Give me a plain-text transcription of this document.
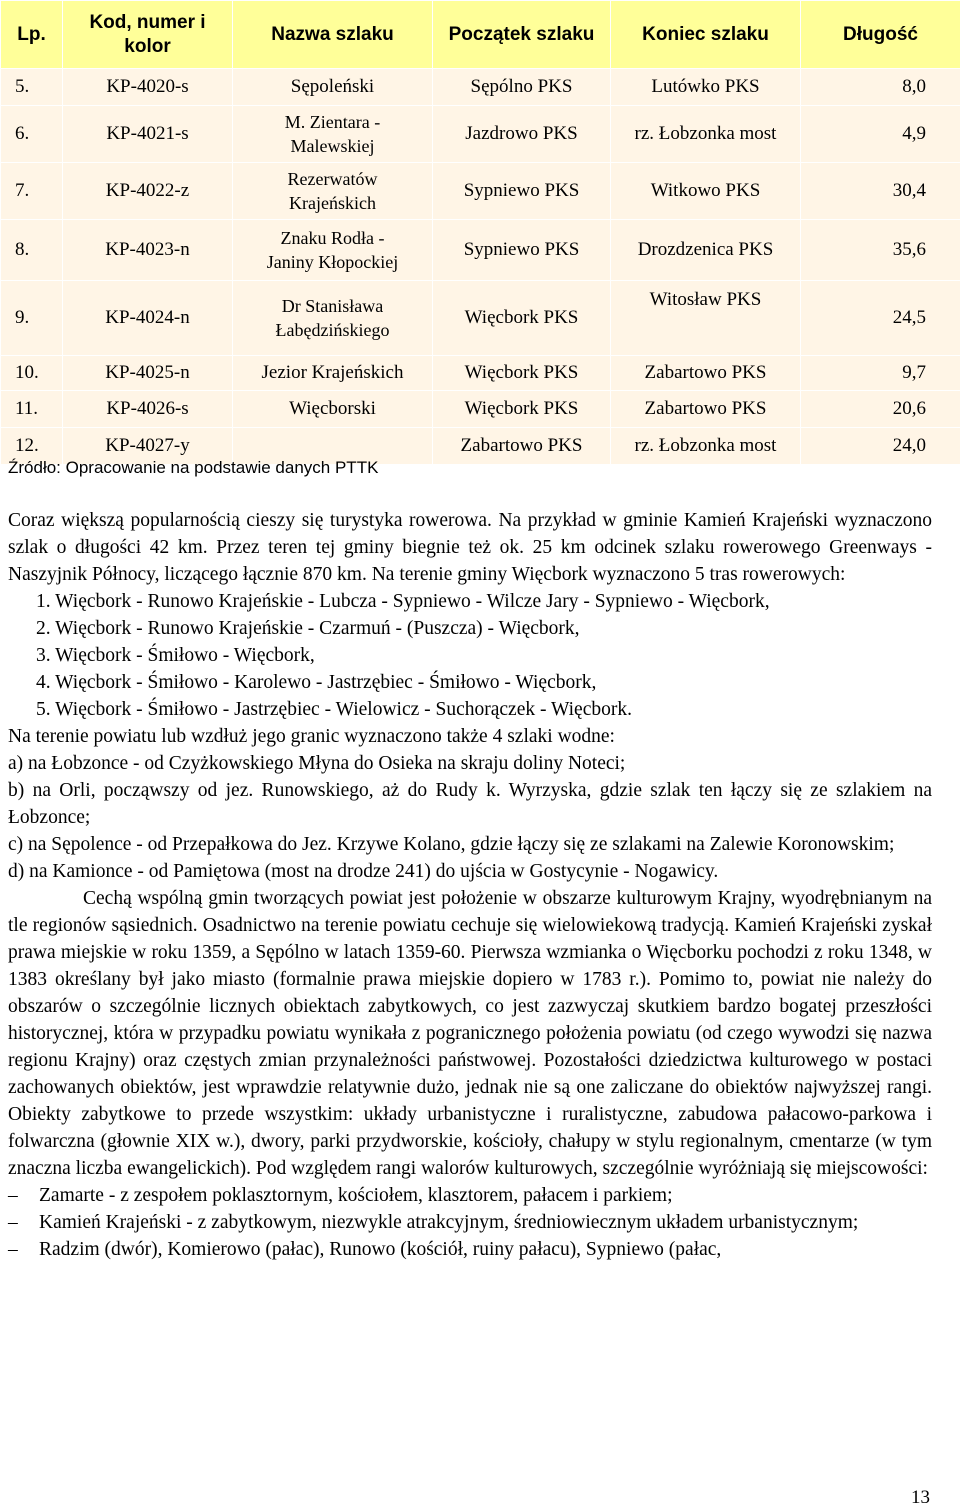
Lp.	Kod, numer i kolor	Nazwa szlaku	Początek szlaku	Koniec szlaku	Długość
5.	KP-4020-s	Sępoleński	Sępólno PKS	Lutówko PKS	8,0
6.	KP-4021-s	M. Zientara - Malewskiej	Jazdrowo PKS	rz. Łobzonka most	4,9
7.	KP-4022-z	Rezerwatów Krajeńskich	Sypniewo PKS	Witkowo PKS	30,4
8.	KP-4023-n	Znaku Rodła - Janiny Kłopockiej	Sypniewo PKS	Drozdzenica PKS	35,6
9.	KP-4024-n	Dr Stanisława Łabędzińskiego	Więcbork PKS	Witosław PKS	24,5
10.	KP-4025-n	Jezior Krajeńskich	Więcbork PKS	Zabartowo PKS	9,7
11.	KP-4026-s	Więcborski	Więcbork PKS	Zabartowo PKS	20,6
12.	KP-4027-y		Zabartowo PKS	rz. Łobzonka most	24,0
Źródło: Opracowanie na podstawie danych PTTK

Coraz większą popularnością cieszy się turystyka rowerowa. Na przykład w gminie Kamień Krajeński wyznaczono szlak o długości 42 km. Przez teren tej gminy biegnie też ok. 25 km odcinek szlaku rowerowego Greenways - Naszyjnik Północy, liczącego łącznie 870 km. Na terenie gminy Więcbork wyznaczono 5 tras rowerowych:

1. Więcbork - Runowo Krajeńskie - Lubcza - Sypniewo - Wilcze Jary - Sypniewo - Więcbork,
2. Więcbork - Runowo Krajeńskie - Czarmuń - (Puszcza) - Więcbork,
3. Więcbork - Śmiłowo - Więcbork,
4. Więcbork - Śmiłowo - Karolewo - Jastrzębiec - Śmiłowo - Więcbork,
5. Więcbork - Śmiłowo - Jastrzębiec - Wielowicz - Suchorączek - Więcbork.

Na terenie powiatu lub wzdłuż jego granic wyznaczono także 4 szlaki wodne:

a) na Łobzonce - od Czyżkowskiego Młyna do Osieka na skraju doliny Noteci;

b) na Orli, począwszy od jez. Runowskiego, aż do Rudy k. Wyrzyska, gdzie szlak ten łączy się ze szlakiem na Łobzonce;

c) na Sępolence - od Przepałkowa do Jez. Krzywe Kolano, gdzie łączy się ze szlakami na Zalewie Koronowskim;

d) na Kamionce - od Pamiętowa (most na drodze 241) do ujścia w Gostycynie - Nogawicy.

Cechą wspólną gmin tworzących powiat jest położenie w obszarze kulturowym Krajny, wyodrębnianym na tle regionów sąsiednich. Osadnictwo na terenie powiatu cechuje się wielowiekową tradycją. Kamień Krajeński zyskał prawa miejskie w roku 1359, a Sępólno w latach 1359-60. Pierwsza wzmianka o Więcborku pochodzi z roku 1348, w 1383 określany był jako miasto (formalnie prawa miejskie dopiero w 1783 r.). Pomimo to, powiat nie należy do obszarów o szczególnie licznych obiektach zabytkowych, co jest zazwyczaj skutkiem bardzo bogatej przeszłości historycznej, która w przypadku powiatu wynikała z pogranicznego położenia powiatu (od czego wywodzi się nazwa regionu Krajny) oraz częstych zmian przynależności państwowej. Pozostałości dziedzictwa kulturowego w postaci zachowanych obiektów, jest wprawdzie relatywnie dużo, jednak nie są one zaliczane do obiektów najwyższej rangi. Obiekty zabytkowe to przede wszystkim: układy urbanistyczne i ruralistyczne, zabudowa pałacowo-parkowa i folwarczna (głownie XIX w.), dwory, parki przydworskie, kościoły, chałupy w stylu regionalnym, cmentarze (w tym znaczna liczba ewangelickich). Pod względem rangi walorów kulturowych, szczególnie wyróżniają się miejscowości:

–	Zamarte - z zespołem poklasztornym, kościołem, klasztorem, pałacem i parkiem;
–	Kamień Krajeński - z zabytkowym, niezwykle atrakcyjnym, średniowiecznym układem urbanistycznym;
–	Radzim (dwór), Komierowo (pałac), Runowo (kościół, ruiny pałacu), Sypniewo (pałac,
13
